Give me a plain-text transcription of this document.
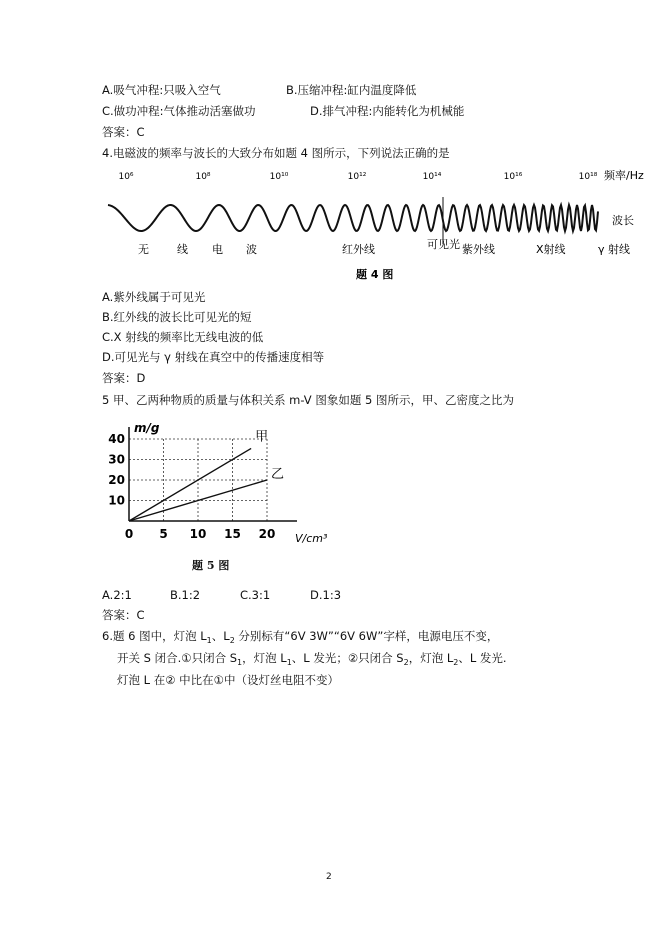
A.吸气冲程:只吸入空气	B.压缩冲程:缸内温度降低
C.做功冲程:气体推动活塞做功	D.排气冲程:内能转化为机械能
答案：C
4.电磁波的频率与波长的大致分布如题 4 图所示，下列说法正确的是
10⁶	10⁸	10¹⁰	10¹²	10¹⁴	10¹⁶	10¹⁸ 频率/Hz
波长
无	线 电 波	红外线	可见光 紫外线	X射线	γ 射线
题 4 图
A.紫外线属于可见光
B.红外线的波长比可见光的短
C.X 射线的频率比无线电波的低
D.可见光与 γ 射线在真空中的传播速度相等
答案：D
5 甲、乙两种物质的质量与体积关系 m-V 图象如题 5 图所示，甲、乙密度之比为
0 5 10 15 20
10
20
30
40	甲
乙
m/g
V/cm³
题 5 图
A.2:1	B.1:2	C.3:1	D.1:3
答案：C
6.题 6 图中，灯泡 $L_1$、$L_2$ 分别标有“6V 3W”“6V 6W”字样，电源电压不变，
开关 S 闭合.①只闭合 $S_1$，灯泡 $L_1$、L 发光；②只闭合 $S_2$，灯泡 $L_2$、L 发光.
灯泡 L 在② 中比在①中（设灯丝电阻不变）
2
